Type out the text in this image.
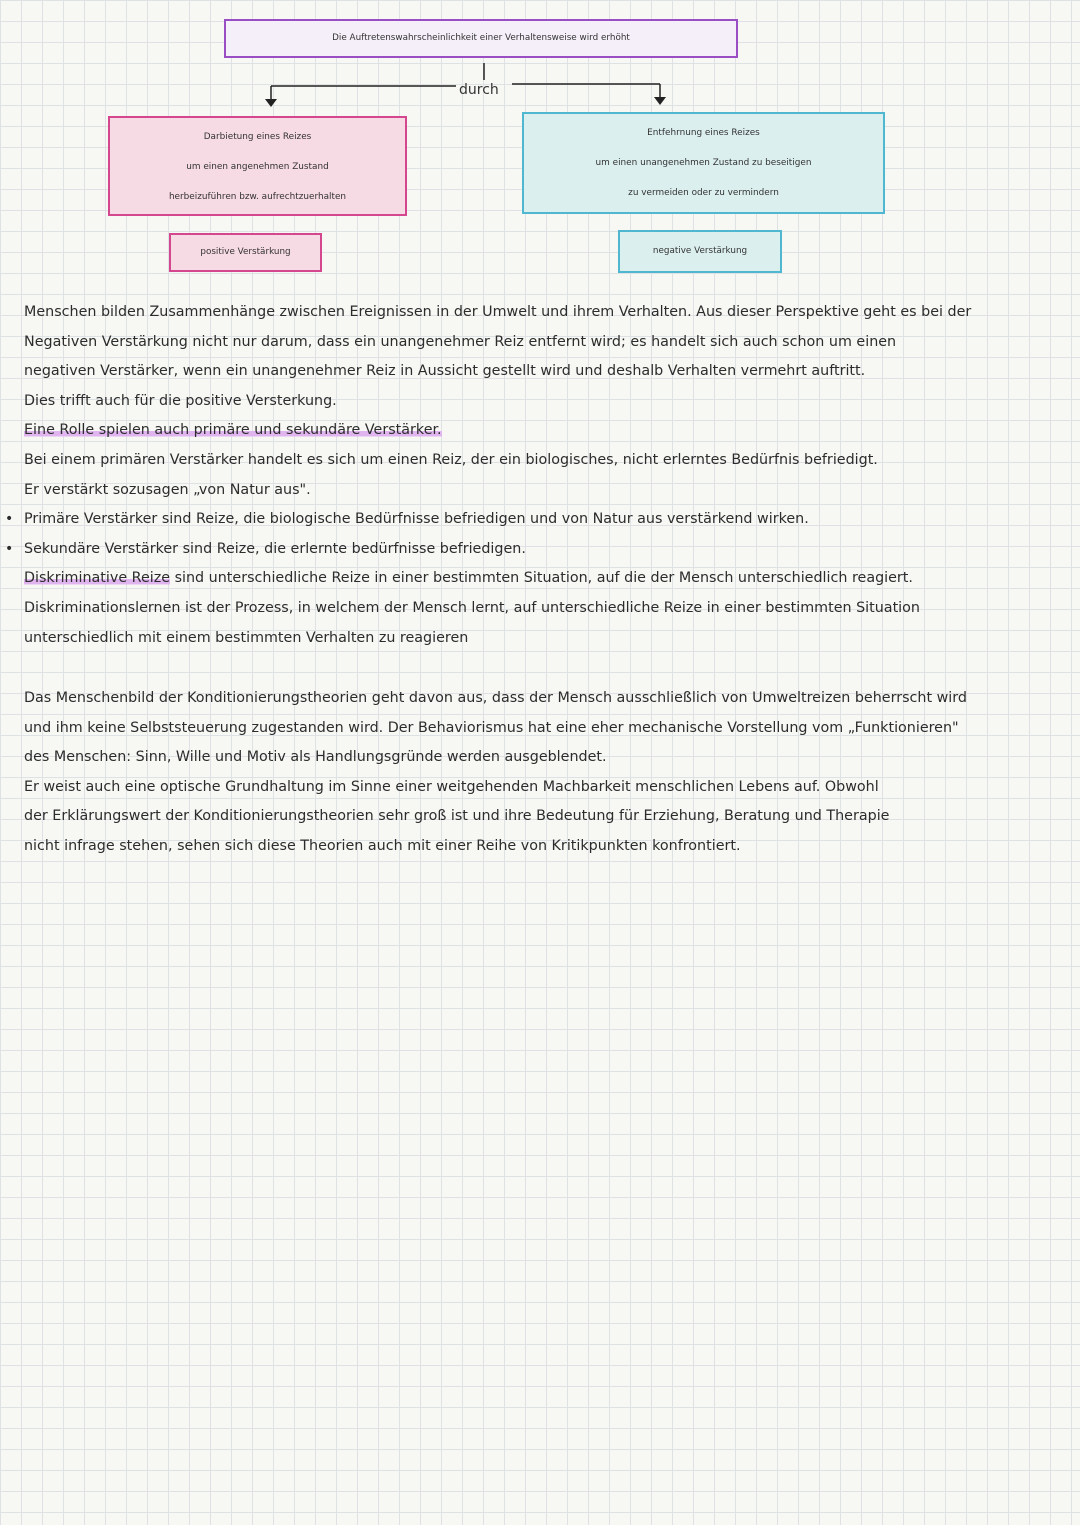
Die Auftretenswahrscheinlichkeit einer Verhaltensweise wird erhöht
durch
Darbietung eines Reizes
um einen angenehmen Zustand
herbeizuführen bzw. aufrechtzuerhalten
Entfehrnung eines Reizes
um einen unangenehmen Zustand zu beseitigen
zu vermeiden oder zu vermindern
positive Verstärkung	negative Verstärkung
Menschen bilden Zusammenhänge zwischen Ereignissen in der Umwelt und ihrem Verhalten. Aus dieser Perspektive geht es bei der
Negativen Verstärkung nicht nur darum, dass ein unangenehmer Reiz entfernt wird; es handelt sich auch schon um einen
negativen Verstärker, wenn ein unangenehmer Reiz in Aussicht gestellt wird und deshalb Verhalten vermehrt auftritt.
Dies trifft auch für die positive Versterkung.
Eine Rolle spielen auch primäre und sekundäre Verstärker.
Bei einem primären Verstärker handelt es sich um einen Reiz, der ein biologisches, nicht erlerntes Bedürfnis befriedigt.
Er verstärkt sozusagen „von Natur aus".
• Primäre Verstärker sind Reize, die biologische Bedürfnisse befriedigen und von Natur aus verstärkend wirken.
• Sekundäre Verstärker sind Reize, die erlernte bedürfnisse befriedigen.
Diskriminative Reize sind unterschiedliche Reize in einer bestimmten Situation, auf die der Mensch unterschiedlich reagiert.
Diskriminationslernen ist der Prozess, in welchem der Mensch lernt, auf unterschiedliche Reize in einer bestimmten Situation
unterschiedlich mit einem bestimmten Verhalten zu reagieren
Das Menschenbild der Konditionierungstheorien geht davon aus, dass der Mensch ausschließlich von Umweltreizen beherrscht wird
und ihm keine Selbststeuerung zugestanden wird. Der Behaviorismus hat eine eher mechanische Vorstellung vom „Funktionieren"
des Menschen: Sinn, Wille und Motiv als Handlungsgründe werden ausgeblendet.
Er weist auch eine optische Grundhaltung im Sinne einer weitgehenden Machbarkeit menschlichen Lebens auf. Obwohl
der Erklärungswert der Konditionierungstheorien sehr groß ist und ihre Bedeutung für Erziehung, Beratung und Therapie
nicht infrage stehen, sehen sich diese Theorien auch mit einer Reihe von Kritikpunkten konfrontiert.
